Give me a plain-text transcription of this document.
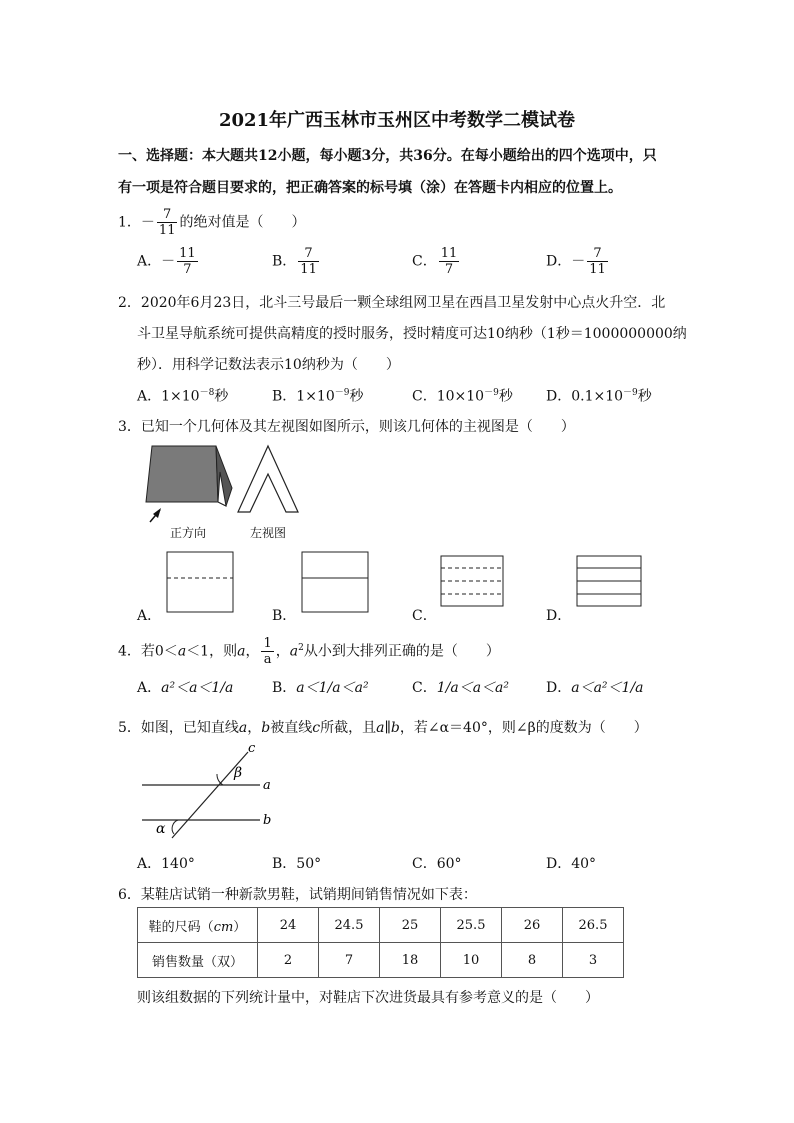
2021年广西玉林市玉州区中考数学二模试卷
一、选择题：本大题共12小题，每小题3分，共36分。在每小题给出的四个选项中，只
有一项是符合题目要求的，把正确答案的标号填（涂）在答题卡内相应的位置上。
1．－ $\frac{7}{11}$ 的绝对值是（　　）
A．－ $\frac{11}{7}$	B． $\frac{7}{11}$	C． $\frac{11}{7}$	D．－ $\frac{7}{11}$
2．2020年6月23日，北斗三号最后一颗全球组网卫星在西昌卫星发射中心点火升空．北
斗卫星导航系统可提供高精度的授时服务，授时精度可达10纳秒（1秒＝1000000000纳
秒）．用科学记数法表示10纳秒为（　　）
A．$1\times 10^{-8}$秒	B．$1\times 10^{-9}$秒	C．$10\times 10^{-9}$秒 D．$0.1\times 10^{-9}$秒
3．已知一个几何体及其左视图如图所示，则该几何体的主视图是（　　）
正方向	左视图
A．	B．	C．	D．
4．若0＜a＜1，则a， $\frac{1}{a}$ ，$a^2$从小到大排列正确的是（　　）
A．a²＜a＜1/a	B．a＜1/a＜a²	C．1/a＜a＜a²	D．a＜a²＜1/a
5．如图，已知直线a，b被直线c所截，且a∥b，若∠α＝40°，则∠β的度数为（　　）
c
β
a
b
α
A．140°	B．50°	C．60°	D．40°
6．某鞋店试销一种新款男鞋，试销期间销售情况如下表：
鞋的尺码（cm）	24	24.5	25	25.5	26	26.5
销售数量（双）	2	7	18	10	8	3
则该组数据的下列统计量中，对鞋店下次进货最具有参考意义的是（　　）
